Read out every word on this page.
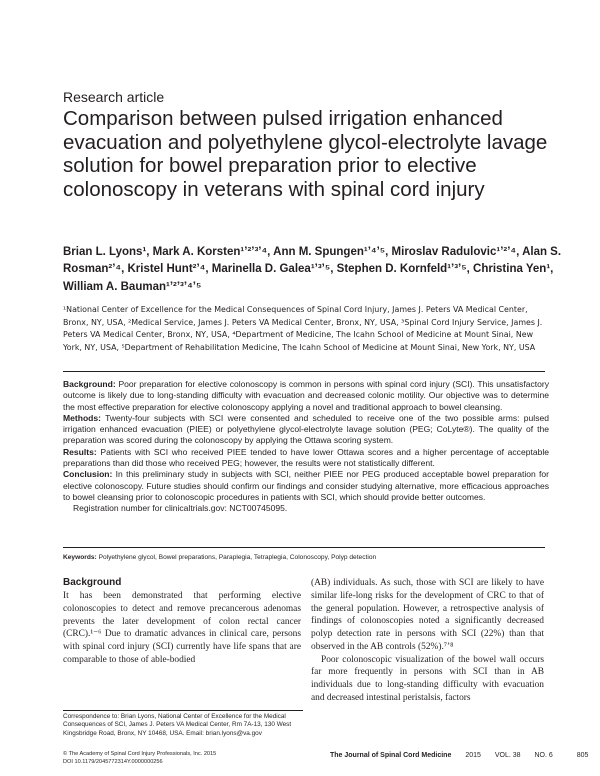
Research article
Comparison between pulsed irrigation enhanced evacuation and polyethylene glycol-electrolyte lavage solution for bowel preparation prior to elective colonoscopy in veterans with spinal cord injury
Brian L. Lyons¹, Mark A. Korsten¹ʼ²ʼ³ʼ⁴, Ann M. Spungen¹ʼ⁴ʼ⁵, Miroslav Radulovic¹ʼ²ʼ⁴, Alan S. Rosman²ʼ⁴, Kristel Hunt²ʼ⁴, Marinella D. Galea¹ʼ³ʼ⁵, Stephen D. Kornfeld¹ʼ³ʼ⁵, Christina Yen¹, William A. Bauman¹ʼ²ʼ³ʼ⁴ʼ⁵
¹National Center of Excellence for the Medical Consequences of Spinal Cord Injury, James J. Peters VA Medical Center, Bronx, NY, USA, ²Medical Service, James J. Peters VA Medical Center, Bronx, NY, USA, ³Spinal Cord Injury Service, James J. Peters VA Medical Center, Bronx, NY, USA, ⁴Department of Medicine, The Icahn School of Medicine at Mount Sinai, New York, NY, USA, ⁵Department of Rehabilitation Medicine, The Icahn School of Medicine at Mount Sinai, New York, NY, USA

Background: Poor preparation for elective colonoscopy is common in persons with spinal cord injury (SCI). This unsatisfactory outcome is likely due to long-standing difficulty with evacuation and decreased colonic motility. Our objective was to determine the most effective preparation for elective colonoscopy applying a novel and traditional approach to bowel cleansing.

Methods: Twenty-four subjects with SCI were consented and scheduled to receive one of the two possible arms: pulsed irrigation enhanced evacuation (PIEE) or polyethylene glycol-electrolyte lavage solution (PEG; CoLyte®). The quality of the preparation was scored during the colonoscopy by applying the Ottawa scoring system.

Results: Patients with SCI who received PIEE tended to have lower Ottawa scores and a higher percentage of acceptable preparations than did those who received PEG; however, the results were not statistically different.

Conclusion: In this preliminary study in subjects with SCI, neither PIEE nor PEG produced acceptable bowel preparation for elective colonoscopy. Future studies should confirm our findings and consider studying alternative, more efficacious approaches to bowel cleansing prior to colonoscopic procedures in patients with SCI, which should provide better outcomes.

Registration number for clinicaltrials.gov: NCT00745095.

Keywords: Polyethylene glycol, Bowel preparations, Paraplegia, Tetraplegia, Colonoscopy, Polyp detection
Background

It has been demonstrated that performing elective colonoscopies to detect and remove precancerous adenomas prevents the later development of colon rectal cancer (CRC).¹⁻⁶ Due to dramatic advances in clinical care, persons with spinal cord injury (SCI) currently have life spans that are comparable to those of able-bodied

(AB) individuals. As such, those with SCI are likely to have similar life-long risks for the development of CRC to that of the general population. However, a retrospective analysis of findings of colonoscopies noted a significantly decreased polyp detection rate in persons with SCI (22%) than that observed in the AB controls (52%).⁷ʼ⁸

Poor colonoscopic visualization of the bowel wall occurs far more frequently in persons with SCI than in AB individuals due to long-standing difficulty with evacuation and decreased intestinal peristalsis, factors

Correspondence to: Brian Lyons, National Center of Excellence for the Medical Consequences of SCI, James J. Peters VA Medical Center, Rm 7A-13, 130 West Kingsbridge Road, Bronx, NY 10468, USA. Email: brian.lyons@va.gov
© The Academy of Spinal Cord Injury Professionals, Inc. 2015
DOI 10.1179/2045772314Y.0000000256
The Journal of Spinal Cord Medicine 2015 VOL. 38 NO. 6	805
